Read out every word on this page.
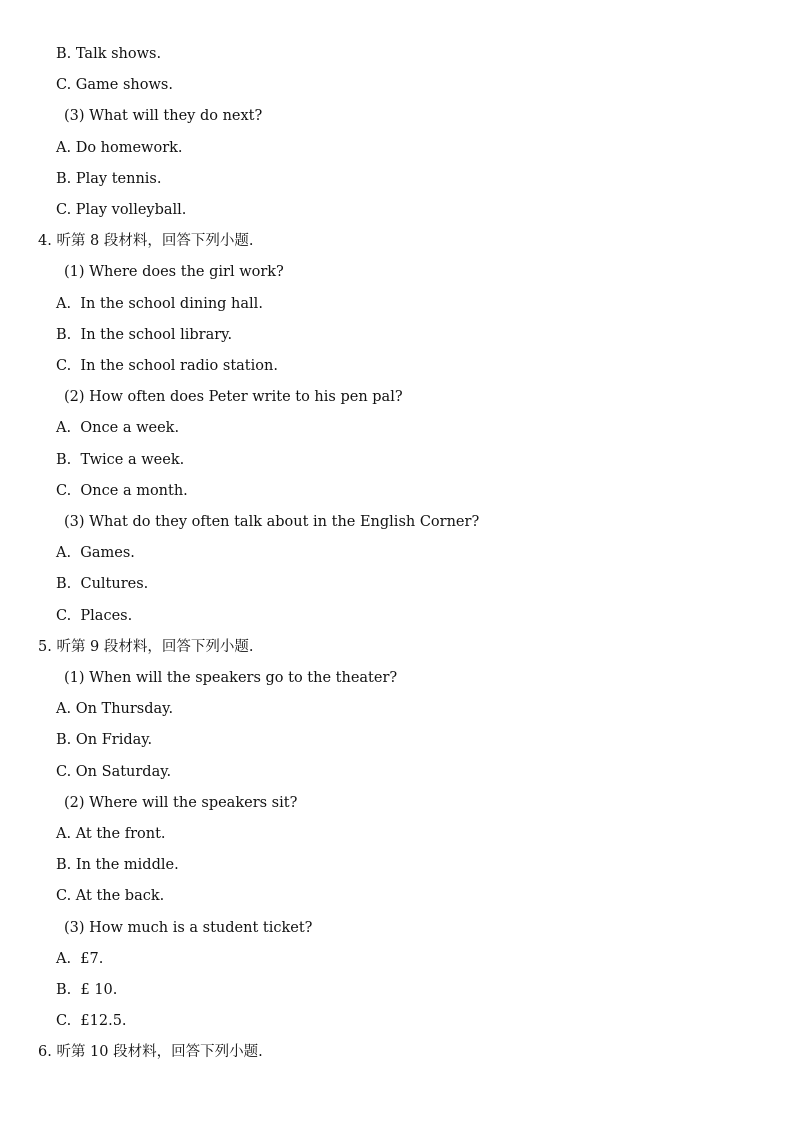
B. Talk shows.
C. Game shows.
(3) What will they do next?
A. Do homework.
B. Play tennis.
C. Play volleyball.
4. 听第 8 段材料，回答下列小题.
(1) Where does the girl work?
A.  In the school dining hall.
B.  In the school library.
C.  In the school radio station.
(2) How often does Peter write to his pen pal?
A.  Once a week.
B.  Twice a week.
C.  Once a month.
(3) What do they often talk about in the English Corner?
A.  Games.
B.  Cultures.
C.  Places.
5. 听第 9 段材料，回答下列小题.
(1) When will the speakers go to the theater?
A. On Thursday.
B. On Friday.
C. On Saturday.
(2) Where will the speakers sit?
A. At the front.
B. In the middle.
C. At the back.
(3) How much is a student ticket?
A.  £7.
B.  £ 10.
C.  £12.5.
6. 听第 10 段材料，回答下列小题.
